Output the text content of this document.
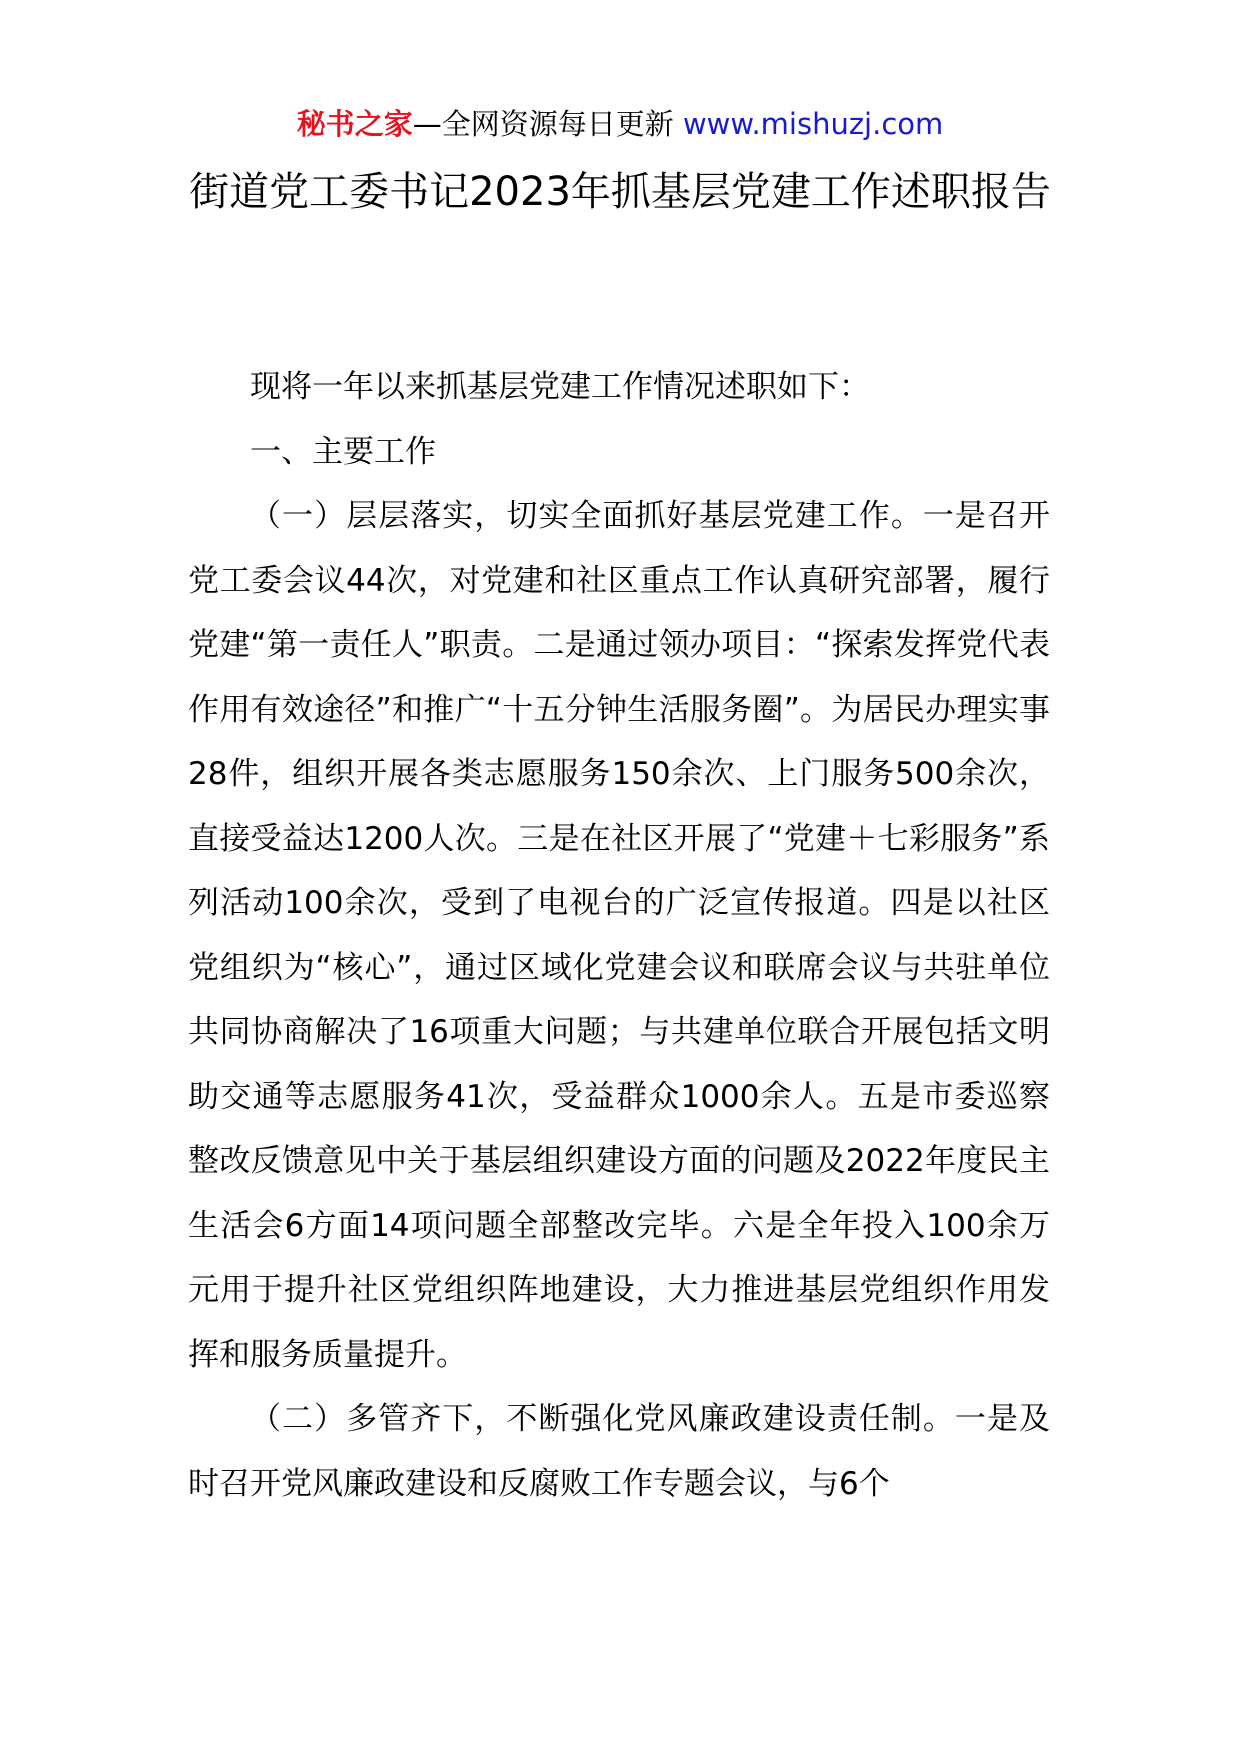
秘书之家—全网资源每日更新 www.mishuzj.com
街道党工委书记2023年抓基层党建工作述职报告

现将一年以来抓基层党建工作情况述职如下：

一、主要工作

（一）层层落实，切实全面抓好基层党建工作。一是召开党工委会议44次，对党建和社区重点工作认真研究部署，履行党建“第一责任人”职责。二是通过领办项目：“探索发挥党代表作用有效途径”和推广“十五分钟生活服务圈”。为居民办理实事28件，组织开展各类志愿服务150余次、上门服务500余次，直接受益达1200人次。三是在社区开展了“党建＋七彩服务”系列活动100余次，受到了电视台的广泛宣传报道。四是以社区党组织为“核心”，通过区域化党建会议和联席会议与共驻单位共同协商解决了16项重大问题；与共建单位联合开展包括文明助交通等志愿服务41次，受益群众1000余人。五是市委巡察整改反馈意见中关于基层组织建设方面的问题及2022年度民主生活会6方面14项问题全部整改完毕。六是全年投入100余万元用于提升社区党组织阵地建设，大力推进基层党组织作用发挥和服务质量提升。

（二）多管齐下，不断强化党风廉政建设责任制。一是及时召开党风廉政建设和反腐败工作专题会议，与6个
